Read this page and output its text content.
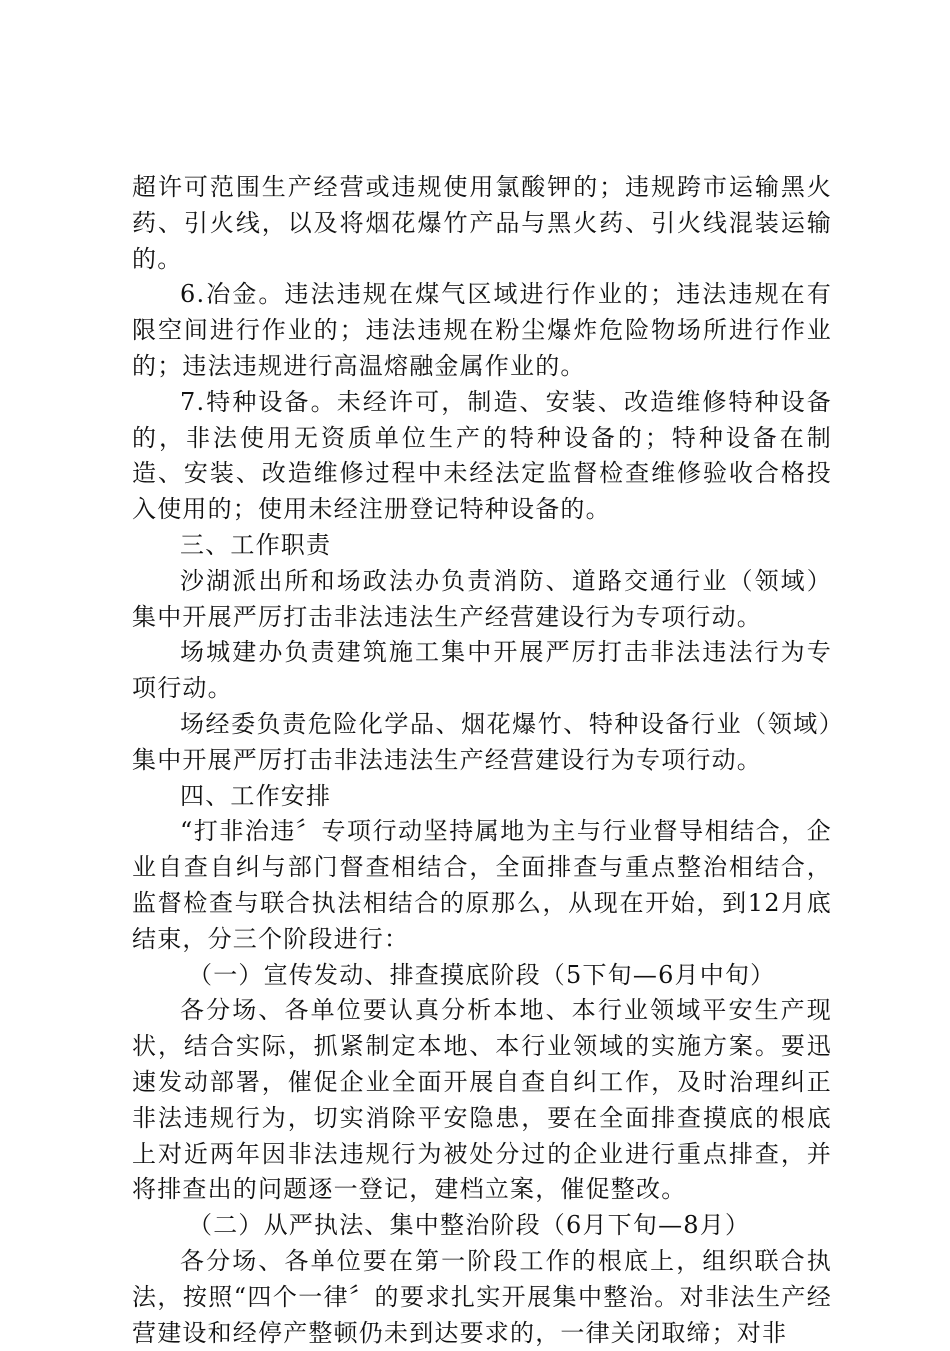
超许可范围生产经营或违规使用氯酸钾的；违规跨市运输黑火药、引火线，以及将烟花爆竹产品与黑火药、引火线混装运输的。

6.冶金。违法违规在煤气区域进行作业的；违法违规在有限空间进行作业的；违法违规在粉尘爆炸危险物场所进行作业的；违法违规进行高温熔融金属作业的。

7.特种设备。未经许可，制造、安装、改造维修特种设备的，非法使用无资质单位生产的特种设备的；特种设备在制造、安装、改造维修过程中未经法定监督检查维修验收合格投入使用的；使用未经注册登记特种设备的。

三、工作职责

沙湖派出所和场政法办负责消防、道路交通行业（领域）集中开展严厉打击非法违法生产经营建设行为专项行动。

场城建办负责建筑施工集中开展严厉打击非法违法行为专项行动。

场经委负责危险化学品、烟花爆竹、特种设备行业（领域）集中开展严厉打击非法违法生产经营建设行为专项行动。

四、工作安排

“打非治违〞专项行动坚持属地为主与行业督导相结合，企业自查自纠与部门督查相结合，全面排查与重点整治相结合，监督检查与联合执法相结合的原那么，从现在开始，到12月底结束，分三个阶段进行：

（一）宣传发动、排查摸底阶段（5下旬—6月中旬）

各分场、各单位要认真分析本地、本行业领域平安生产现状，结合实际，抓紧制定本地、本行业领域的实施方案。要迅速发动部署，催促企业全面开展自查自纠工作，及时治理纠正非法违规行为，切实消除平安隐患，要在全面排查摸底的根底上对近两年因非法违规行为被处分过的企业进行重点排查，并将排查出的问题逐一登记，建档立案，催促整改。

（二）从严执法、集中整治阶段（6月下旬—8月）

各分场、各单位要在第一阶段工作的根底上，组织联合执法，按照“四个一律〞的要求扎实开展集中整治。对非法生产经营建设和经停产整顿仍未到达要求的，一律关闭取缔；对非
